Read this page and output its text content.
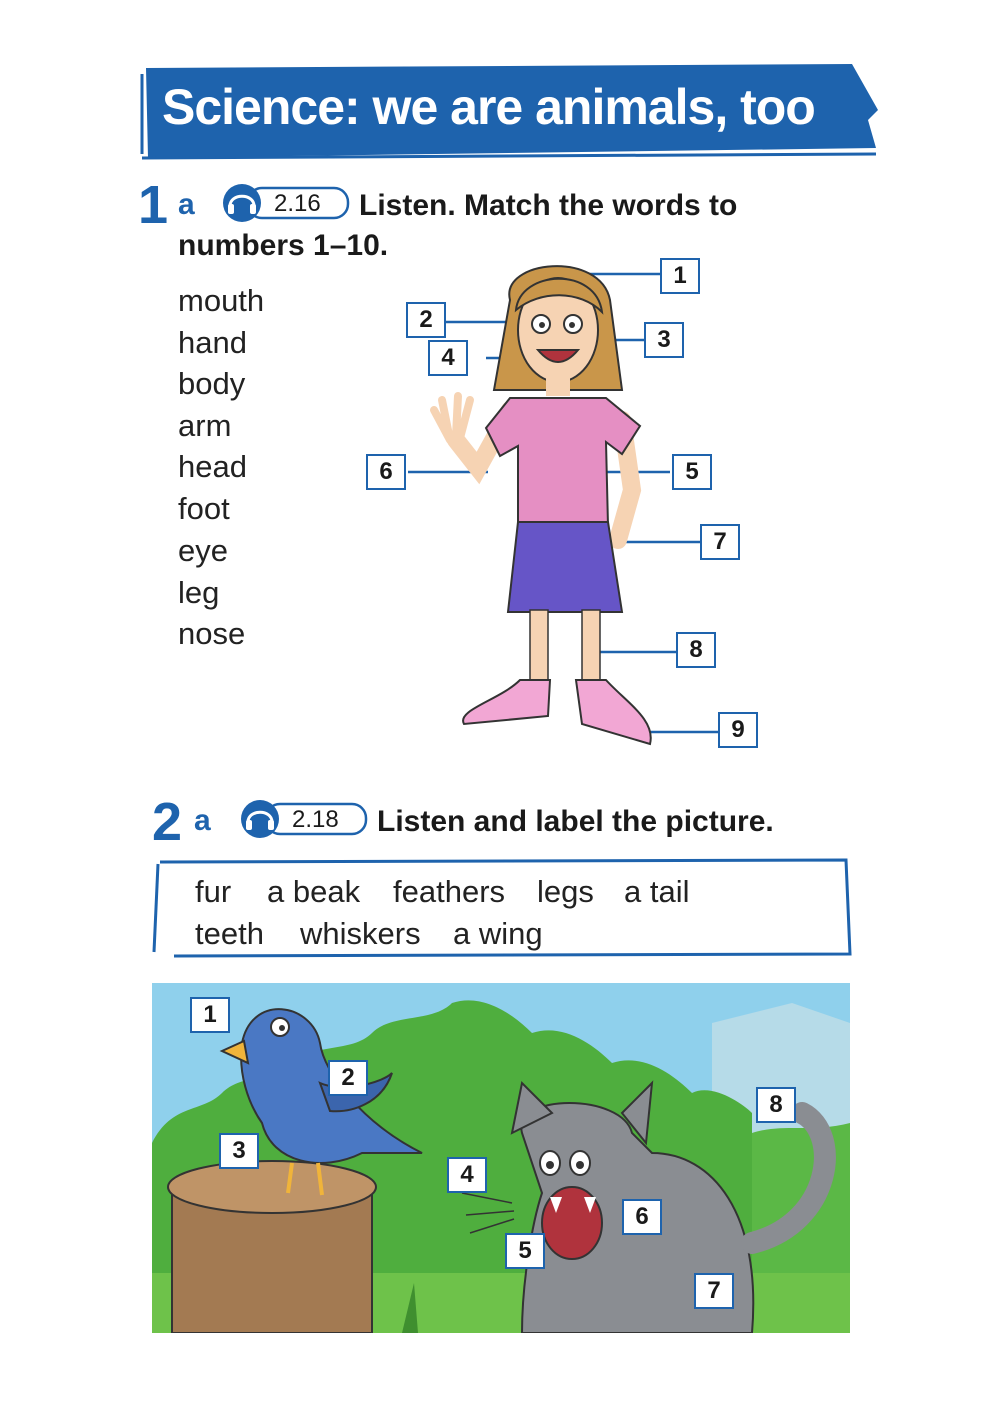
Science: we are animals, too
1 a	2.16 Listen. Match the words to
numbers 1–10.
mouth
hand
body
arm
head
foot
eye
leg
nose
1
2
3
4
5
6
7
8
9
2 a	2.18 Listen and label the picture.
fur a beak feathers legs a tail
teeth whiskers a wing
1
2
3
4
5
6
7
8
